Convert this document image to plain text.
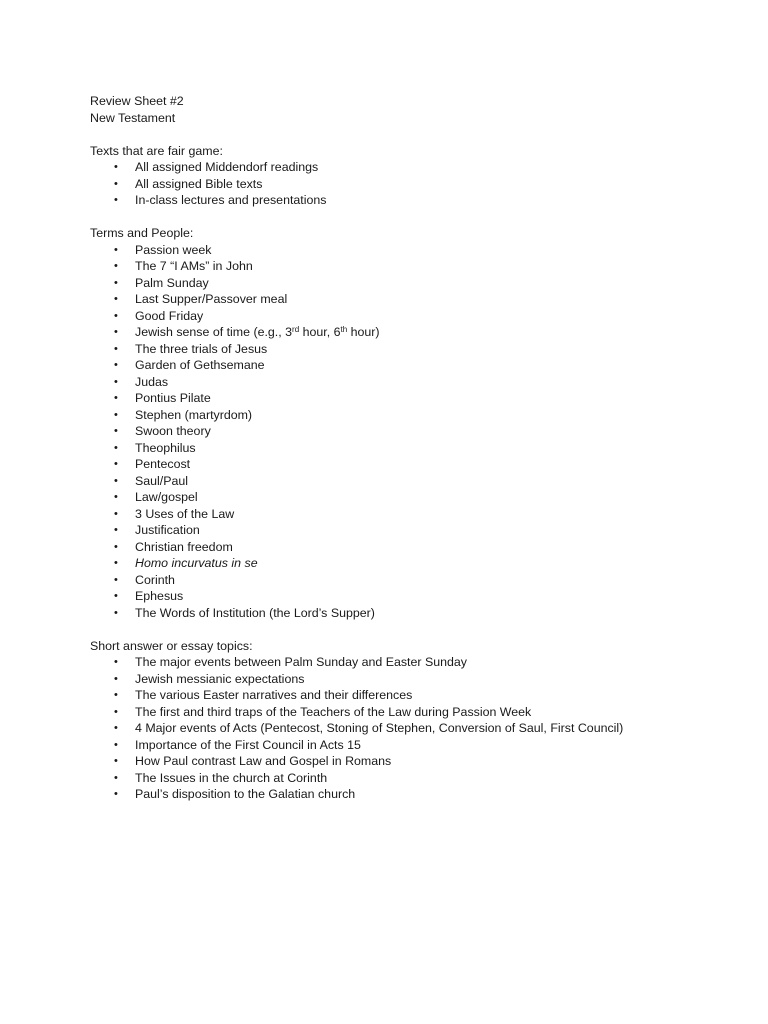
Review Sheet #2
New Testament
Texts that are fair game:
• All assigned Middendorf readings
• All assigned Bible texts
• In-class lectures and presentations
Terms and People:
• Passion week
• The 7 “I AMs” in John
• Palm Sunday
• Last Supper/Passover meal
• Good Friday
• Jewish sense of time (e.g., 3rd hour, 6th hour)
• The three trials of Jesus
• Garden of Gethsemane
• Judas
• Pontius Pilate
• Stephen (martyrdom)
• Swoon theory
• Theophilus
• Pentecost
• Saul/Paul
• Law/gospel
• 3 Uses of the Law
• Justification
• Christian freedom
• Homo incurvatus in se
• Corinth
• Ephesus
• The Words of Institution (the Lord’s Supper)
Short answer or essay topics:
• The major events between Palm Sunday and Easter Sunday
• Jewish messianic expectations
• The various Easter narratives and their differences
• The first and third traps of the Teachers of the Law during Passion Week
• 4 Major events of Acts (Pentecost, Stoning of Stephen, Conversion of Saul, First Council)
• Importance of the First Council in Acts 15
• How Paul contrast Law and Gospel in Romans
• The Issues in the church at Corinth
• Paul’s disposition to the Galatian church
